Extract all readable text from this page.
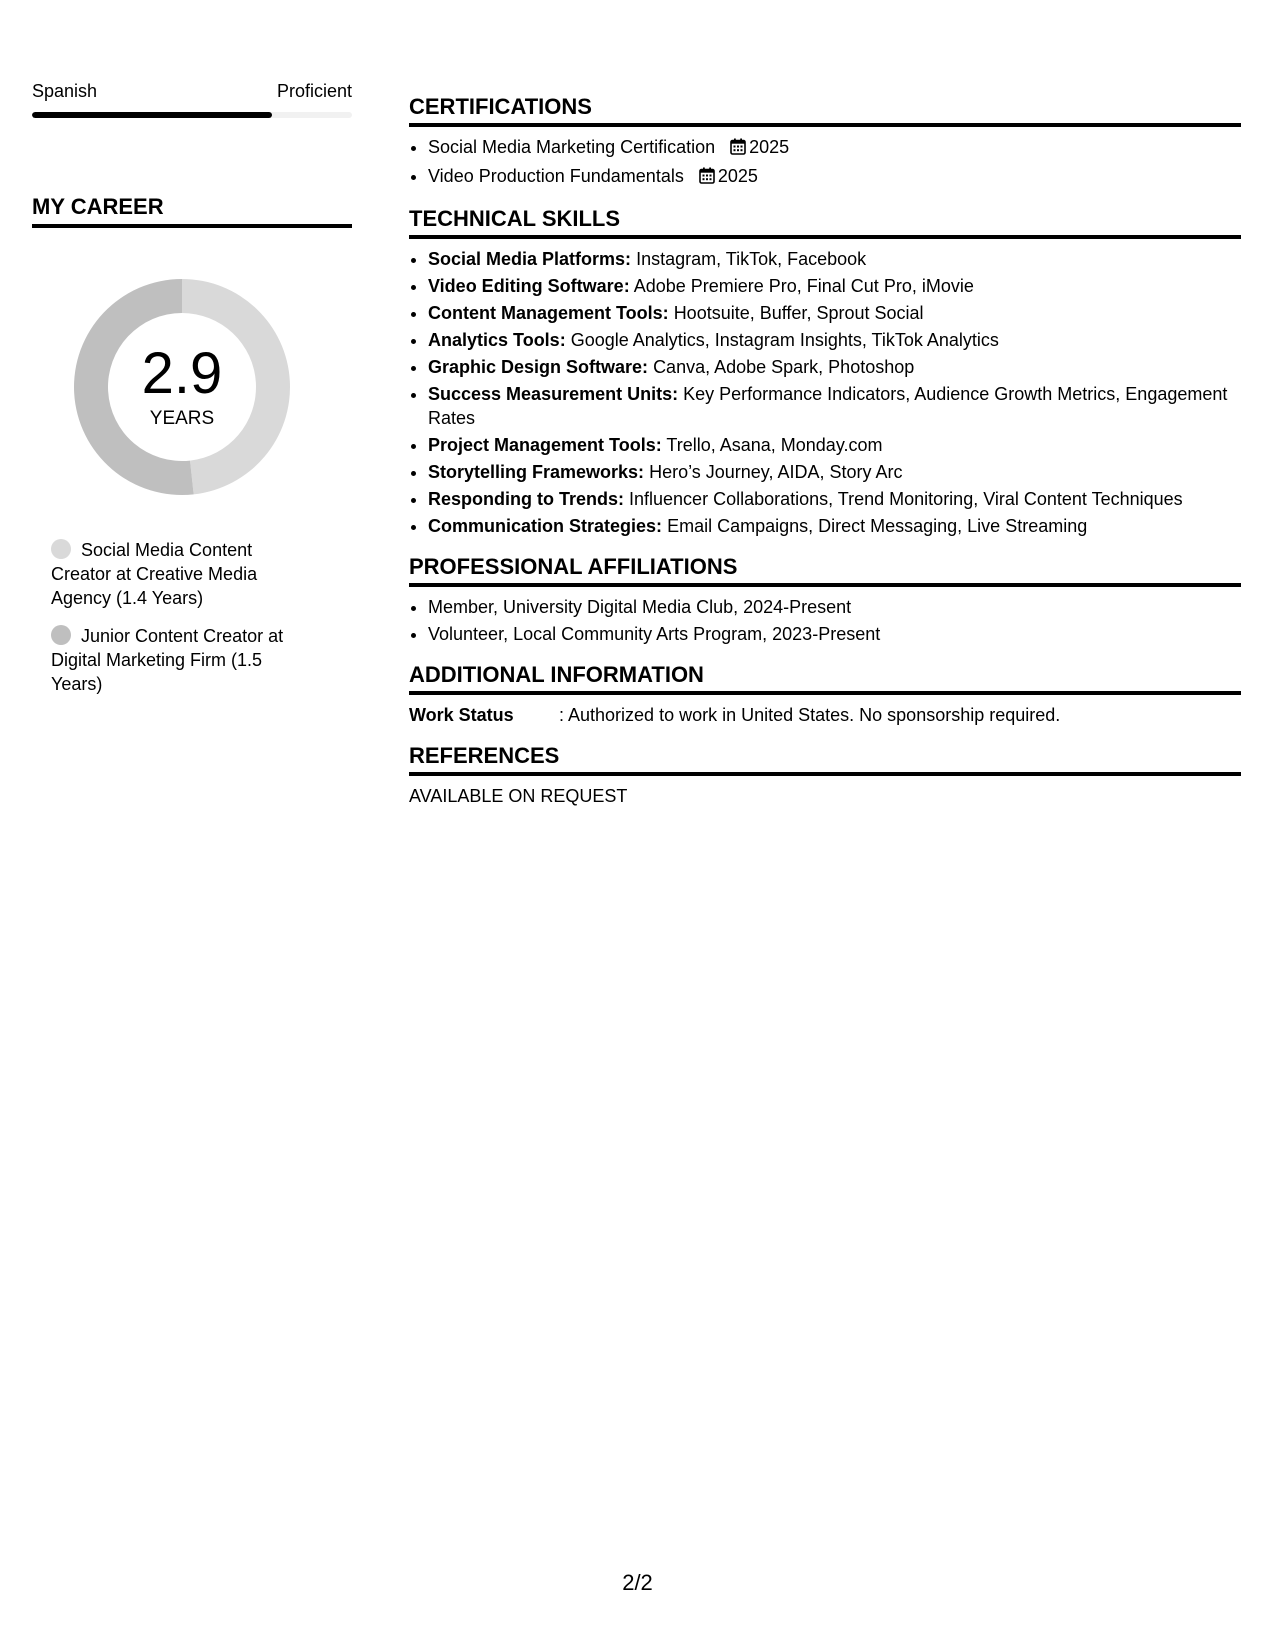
Spanish	Proficient
MY CAREER
2.9
YEARS
Social Media Content Creator at Creative Media Agency (1.4 Years)
Junior Content Creator at Digital Marketing Firm (1.5 Years)
CERTIFICATIONS
• Social Media Marketing Certification 2025
• Video Production Fundamentals 2025
TECHNICAL SKILLS
• Social Media Platforms: Instagram, TikTok, Facebook
• Video Editing Software: Adobe Premiere Pro, Final Cut Pro, iMovie
• Content Management Tools: Hootsuite, Buffer, Sprout Social
• Analytics Tools: Google Analytics, Instagram Insights, TikTok Analytics
• Graphic Design Software: Canva, Adobe Spark, Photoshop
• Success Measurement Units: Key Performance Indicators, Audience Growth Metrics, Engagement Rates
• Project Management Tools: Trello, Asana, Monday.com
• Storytelling Frameworks: Hero’s Journey, AIDA, Story Arc
• Responding to Trends: Influencer Collaborations, Trend Monitoring, Viral Content Techniques
• Communication Strategies: Email Campaigns, Direct Messaging, Live Streaming
PROFESSIONAL AFFILIATIONS
• Member, University Digital Media Club, 2024-Present
• Volunteer, Local Community Arts Program, 2023-Present
ADDITIONAL INFORMATION
Work Status	: Authorized to work in United States. No sponsorship required.
REFERENCES
AVAILABLE ON REQUEST
2/2
